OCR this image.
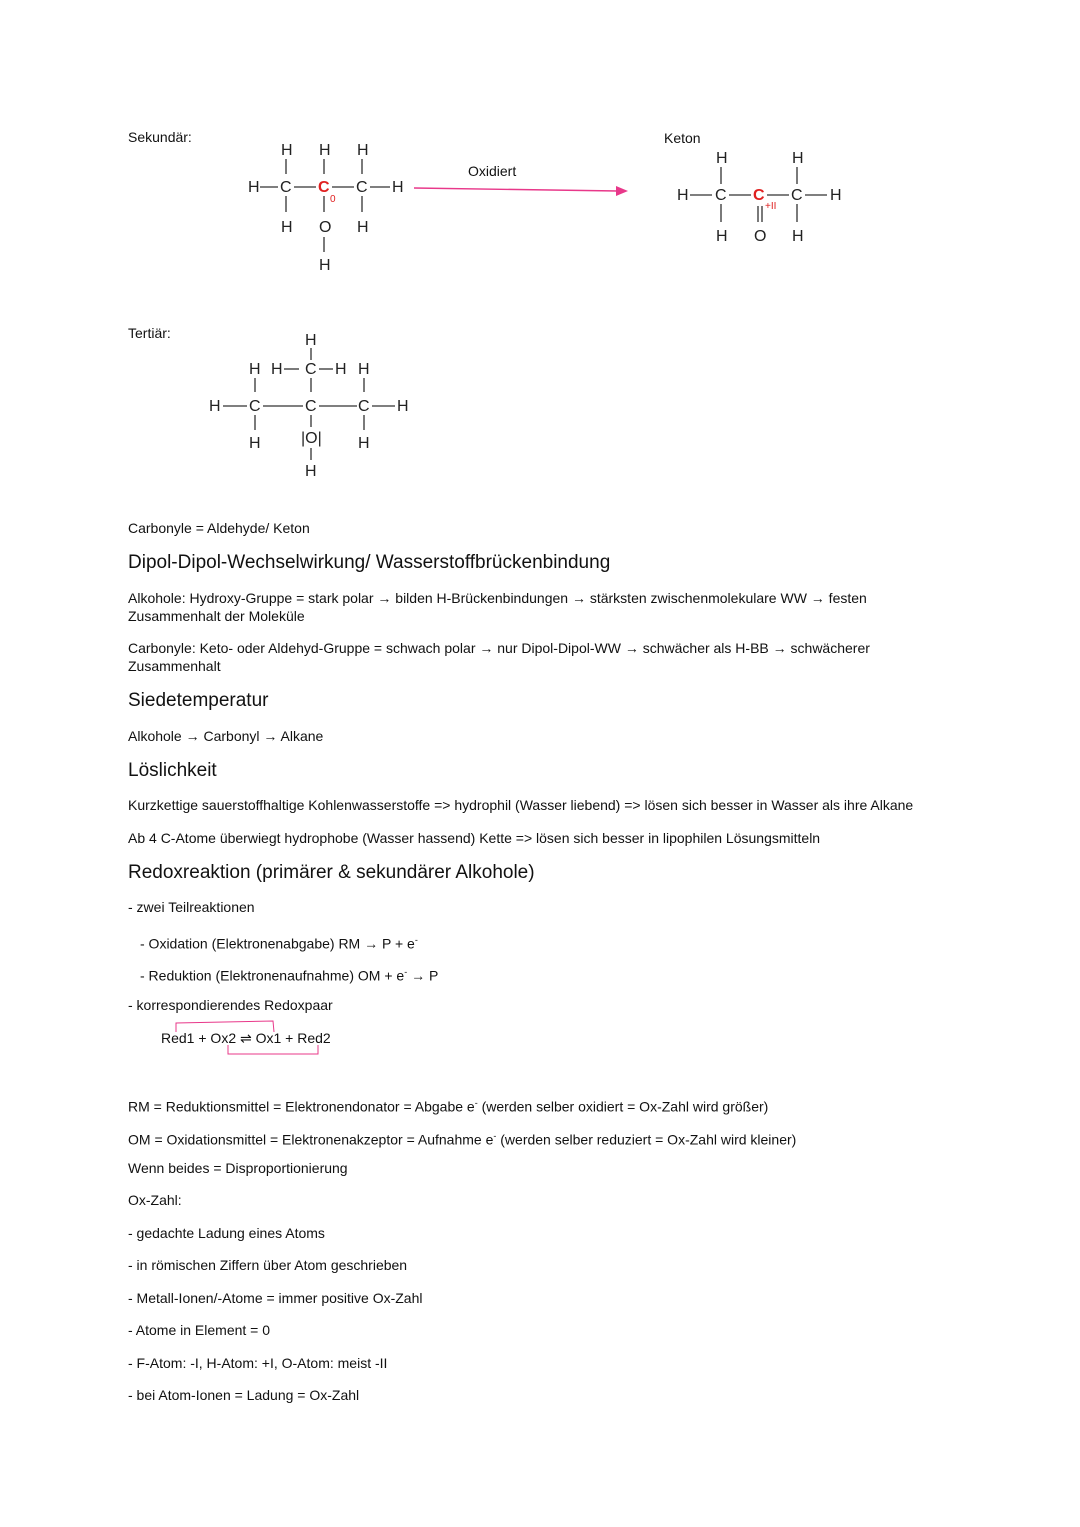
Sekundär:
H C C
0
C H
H H H
H O H
H
Oxidiert
Keton
H	H
H C C
+II
C H
H O H
Tertiär:	H
H H C H H
H C	C	C H
H	|O| H
H
Carbonyle = Aldehyde/ Keton
Dipol-Dipol-Wechselwirkung/ Wasserstoffbrückenbindung
Alkohole: Hydroxy-Gruppe = stark polar → bilden H-Brückenbindungen → stärksten zwischenmolekulare WW → festen Zusammenhalt der Moleküle
Carbonyle: Keto- oder Aldehyd-Gruppe = schwach polar → nur Dipol-Dipol-WW → schwächer als H-BB → schwächerer Zusammenhalt
Siedetemperatur
Alkohole → Carbonyl → Alkane
Löslichkeit
Kurzkettige sauerstoffhaltige Kohlenwasserstoffe => hydrophil (Wasser liebend) => lösen sich besser in Wasser als ihre Alkane
Ab 4 C-Atome überwiegt hydrophobe (Wasser hassend) Kette => lösen sich besser in lipophilen Lösungsmitteln
Redoxreaktion (primärer & sekundärer Alkohole)
- zwei Teilreaktionen
- Oxidation (Elektronenabgabe) RM → P + e-
- Reduktion (Elektronenaufnahme) OM + e- → P
- korrespondierendes Redoxpaar
Red1 + Ox2 ⇌ Ox1 + Red2
RM = Reduktionsmittel = Elektronendonator = Abgabe e- (werden selber oxidiert = Ox-Zahl wird größer)
OM = Oxidationsmittel = Elektronenakzeptor = Aufnahme e- (werden selber reduziert = Ox-Zahl wird kleiner)
Wenn beides = Disproportionierung
Ox-Zahl:
- gedachte Ladung eines Atoms
- in römischen Ziffern über Atom geschrieben
- Metall-Ionen/-Atome = immer positive Ox-Zahl
- Atome in Element = 0
- F-Atom: -I, H-Atom: +I, O-Atom: meist -II
- bei Atom-Ionen = Ladung = Ox-Zahl
